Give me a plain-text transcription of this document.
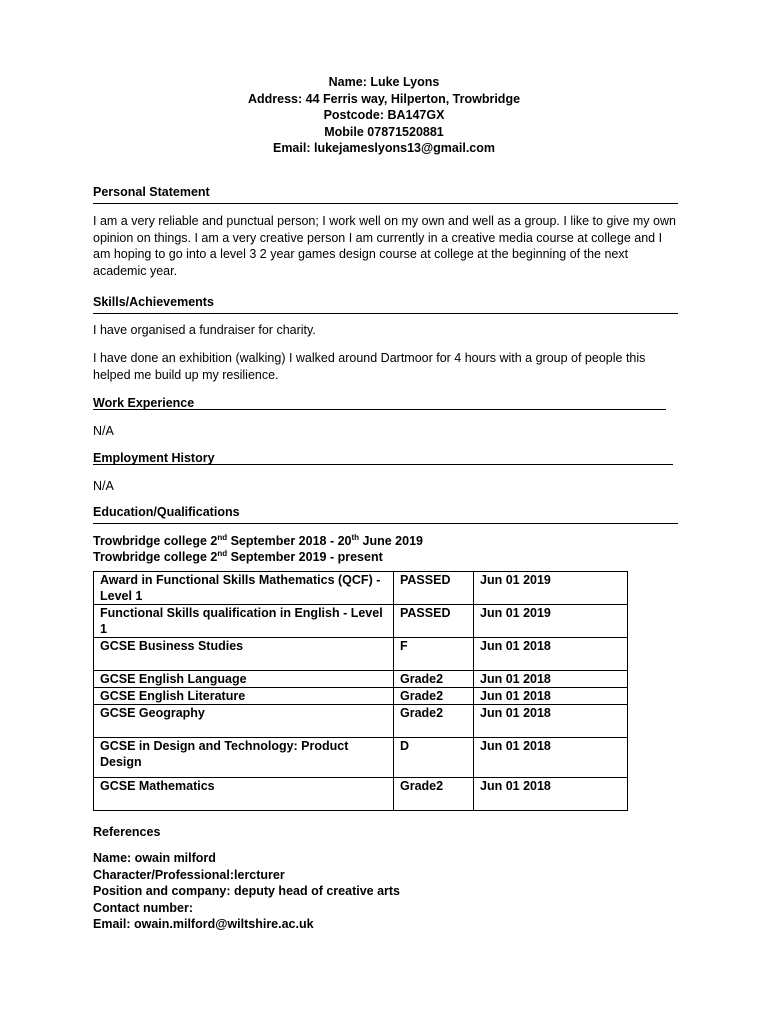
Name: Luke Lyons
Address: 44 Ferris way, Hilperton, Trowbridge
Postcode: BA147GX
Mobile 07871520881
Email: lukejameslyons13@gmail.com
Personal Statement
I am a very reliable and punctual person; I work well on my own and well as a group. I like to give my own opinion on things. I am a very creative person I am currently in a creative media course at college and I am hoping to go into a level 3 2 year games design course at college at the beginning of the next academic year.
Skills/Achievements
I have organised a fundraiser for charity.
I have done an exhibition (walking) I walked around Dartmoor for 4 hours with a group of people this helped me build up my resilience.
Work Experience
N/A
Employment History
N/A
Education/Qualifications
Trowbridge college 2nd September 2018 - 20th June 2019
Trowbridge college 2nd September 2019 - present
Award in Functional Skills Mathematics (QCF) - Level 1	PASSED	Jun 01 2019
Functional Skills qualification in English - Level 1	PASSED	Jun 01 2019
GCSE Business Studies	F	Jun 01 2018
GCSE English Language	Grade2	Jun 01 2018
GCSE English Literature	Grade2	Jun 01 2018
GCSE Geography	Grade2	Jun 01 2018
GCSE in Design and Technology: Product Design	D	Jun 01 2018
GCSE Mathematics	Grade2	Jun 01 2018
References
Name: owain milford
Character/Professional:lercturer
Position and company: deputy head of creative arts
Contact number:
Email: owain.milford@wiltshire.ac.uk
